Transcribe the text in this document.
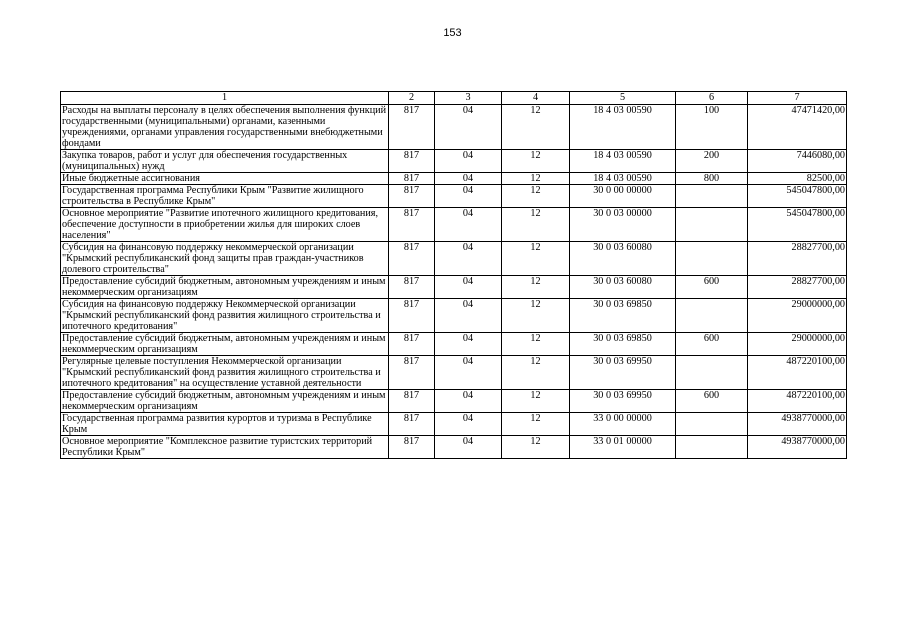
153
1	2	3	4	5	6	7
Расходы на выплаты персоналу в целях обеспечения выполнения функций государственными (муниципальными) органами, казенными учреждениями, органами управления государственными внебюджетными фондами	817	04	12	18 4 03 00590	100	47471420,00
Закупка товаров, работ и услуг для обеспечения государственных (муниципальных) нужд	817	04	12	18 4 03 00590	200	7446080,00
Иные бюджетные ассигнования	817	04	12	18 4 03 00590	800	82500,00
Государственная программа Республики Крым "Развитие жилищного строительства в Республике Крым"	817	04	12	30 0 00 00000		545047800,00
Основное мероприятие "Развитие ипотечного жилищного кредитования, обеспечение доступности в приобретении жилья для широких слоев населения"	817	04	12	30 0 03 00000		545047800,00
Субсидия на финансовую поддержку некоммерческой организации "Крымский республиканский фонд защиты прав граждан-участников долевого строительства"	817	04	12	30 0 03 60080		28827700,00
Предоставление субсидий бюджетным, автономным учреждениям и иным некоммерческим организациям	817	04	12	30 0 03 60080	600	28827700,00
Субсидия на финансовую поддержку Некоммерческой организации "Крымский республиканский фонд развития жилищного строительства и ипотечного кредитования"	817	04	12	30 0 03 69850		29000000,00
Предоставление субсидий бюджетным, автономным учреждениям и иным некоммерческим организациям	817	04	12	30 0 03 69850	600	29000000,00
Регулярные целевые поступления Некоммерческой организации "Крымский республиканский фонд развития жилищного строительства и ипотечного кредитования" на осуществление уставной деятельности	817	04	12	30 0 03 69950		487220100,00
Предоставление субсидий бюджетным, автономным учреждениям и иным некоммерческим организациям	817	04	12	30 0 03 69950	600	487220100,00
Государственная программа развития курортов и туризма в Республике Крым	817	04	12	33 0 00 00000		4938770000,00
Основное мероприятие "Комплексное развитие туристских территорий Республики Крым"	817	04	12	33 0 01 00000		4938770000,00
